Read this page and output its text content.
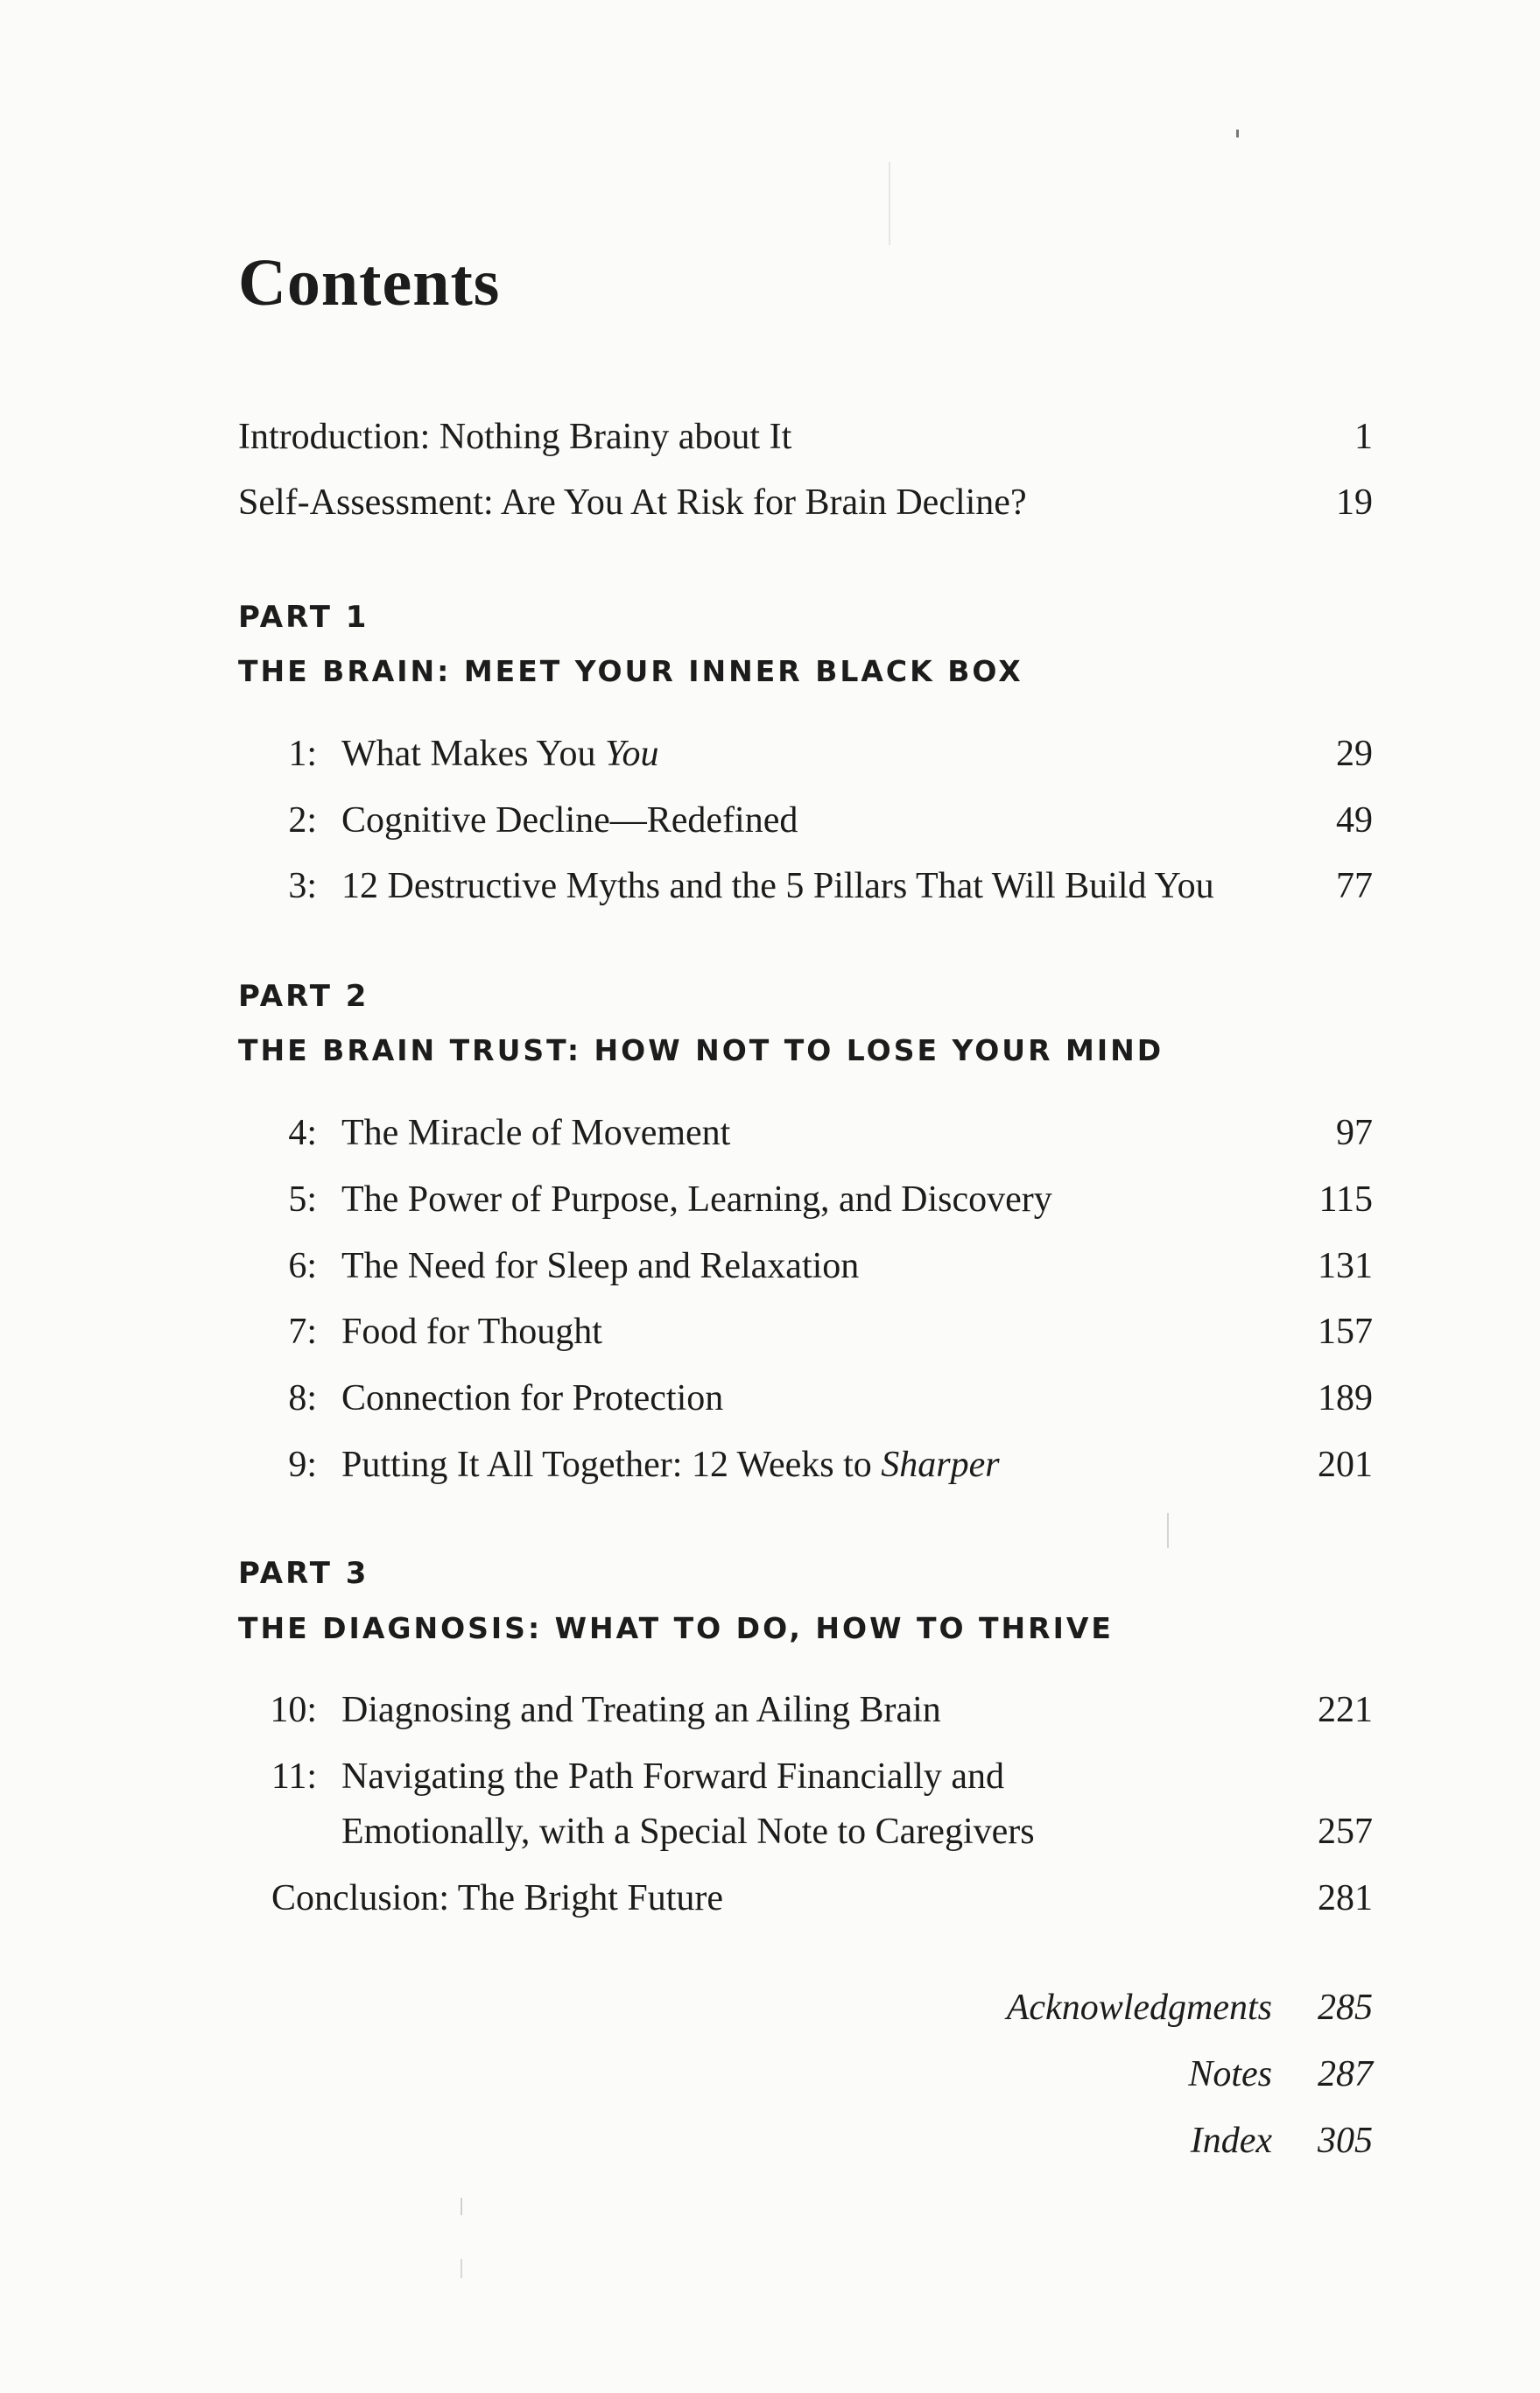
Contents
Introduction: Nothing Brainy about It	1
Self-Assessment: Are You At Risk for Brain Decline?	19
PART 1
THE BRAIN: MEET YOUR INNER BLACK BOX
1: What Makes You You	29
2: Cognitive Decline—Redefined	49
3: 12 Destructive Myths and the 5 Pillars That Will Build You	77
PART 2
THE BRAIN TRUST: HOW NOT TO LOSE YOUR MIND
4: The Miracle of Movement	97
5: The Power of Purpose, Learning, and Discovery	115
6: The Need for Sleep and Relaxation	131
7: Food for Thought	157
8: Connection for Protection	189
9: Putting It All Together: 12 Weeks to Sharper	201
PART 3
THE DIAGNOSIS: WHAT TO DO, HOW TO THRIVE
10: Diagnosing and Treating an Ailing Brain	221
11: Navigating the Path Forward Financially and
Emotionally, with a Special Note to Caregivers	257
Conclusion: The Bright Future	281
Acknowledgments 285
Notes 287
Index 305
